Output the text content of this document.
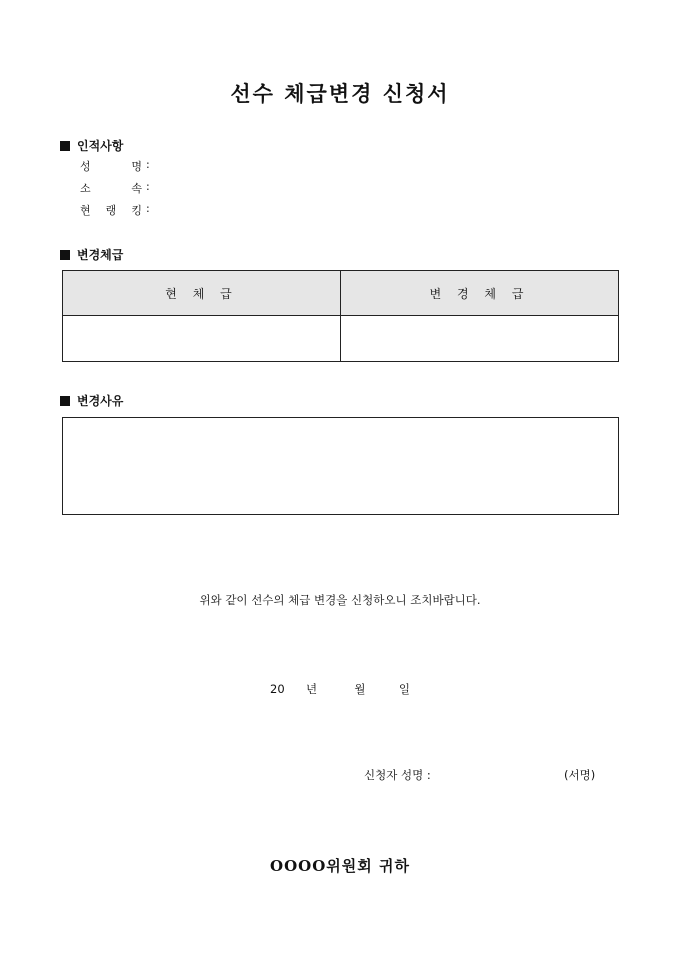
선수 체급변경 신청서
인적사항
성	명 :
소	속 :
현 랭 킹 :
변경체급
현 체 급	변 경 체 급

변경사유
위와 같이 선수의 체급 변경을 신청하오니 조치바랍니다.
20 년	월	일
신청자 성명 :	(서명)
OOOO위원회 귀하
